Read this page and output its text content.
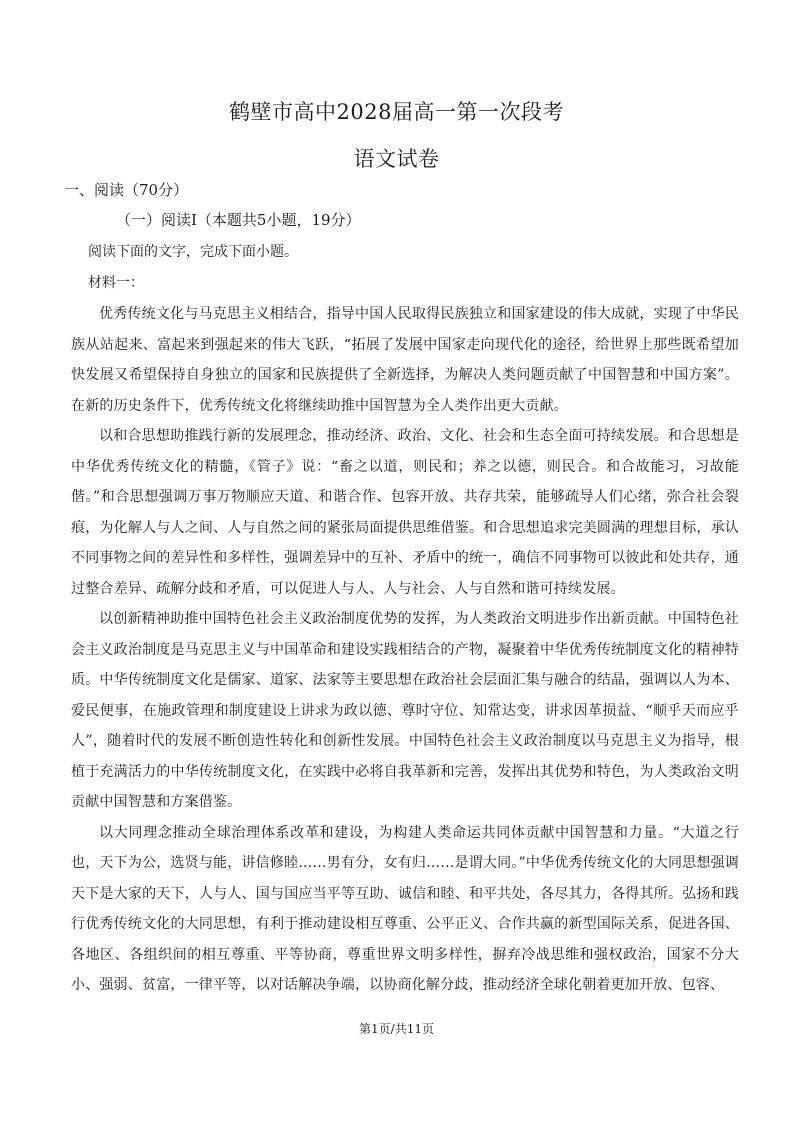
鹤壁市高中2028届高一第一次段考
语文试卷
一、阅读（70分）
（一）阅读Ⅰ（本题共5小题，19分）
阅读下面的文字，完成下面小题。
材料一：

优秀传统文化与马克思主义相结合，指导中国人民取得民族独立和国家建设的伟大成就，实现了中华民族从站起来、富起来到强起来的伟大飞跃，“拓展了发展中国家走向现代化的途径，给世界上那些既希望加快发展又希望保持自身独立的国家和民族提供了全新选择，为解决人类问题贡献了中国智慧和中国方案”。在新的历史条件下，优秀传统文化将继续助推中国智慧为全人类作出更大贡献。

以和合思想助推践行新的发展理念，推动经济、政治、文化、社会和生态全面可持续发展。和合思想是中华优秀传统文化的精髓，《管子》说：“畜之以道，则民和；养之以德，则民合。和合故能习，习故能偕。”和合思想强调万事万物顺应天道、和谐合作、包容开放、共存共荣，能够疏导人们心绪，弥合社会裂痕，为化解人与人之间、人与自然之间的紧张局面提供思维借鉴。和合思想追求完美圆满的理想目标，承认不同事物之间的差异性和多样性，强调差异中的互补、矛盾中的统一，确信不同事物可以彼此和处共存，通过整合差异、疏解分歧和矛盾，可以促进人与人、人与社会、人与自然和谐可持续发展。

以创新精神助推中国特色社会主义政治制度优势的发挥，为人类政治文明进步作出新贡献。中国特色社会主义政治制度是马克思主义与中国革命和建设实践相结合的产物，凝聚着中华优秀传统制度文化的精神特质。中华传统制度文化是儒家、道家、法家等主要思想在政治社会层面汇集与融合的结晶，强调以人为本、爱民便事，在施政管理和制度建设上讲求为政以德、尊时守位、知常达变，讲求因革损益、“顺乎天而应乎人”，随着时代的发展不断创造性转化和创新性发展。中国特色社会主义政治制度以马克思主义为指导，根植于充满活力的中华传统制度文化，在实践中必将自我革新和完善，发挥出其优势和特色，为人类政治文明贡献中国智慧和方案借鉴。

以大同理念推动全球治理体系改革和建设，为构建人类命运共同体贡献中国智慧和力量。“大道之行也，天下为公，选贤与能，讲信修睦……男有分，女有归……是谓大同。”中华优秀传统文化的大同思想强调天下是大家的天下，人与人、国与国应当平等互助、诚信和睦、和平共处，各尽其力，各得其所。弘扬和践行优秀传统文化的大同思想，有利于推动建设相互尊重、公平正义、合作共赢的新型国际关系，促进各国、各地区、各组织间的相互尊重、平等协商，尊重世界文明多样性，摒弃冷战思维和强权政治，国家不分大小、强弱、贫富，一律平等，以对话解决争端，以协商化解分歧，推动经济全球化朝着更加开放、包容、

第1页/共11页
